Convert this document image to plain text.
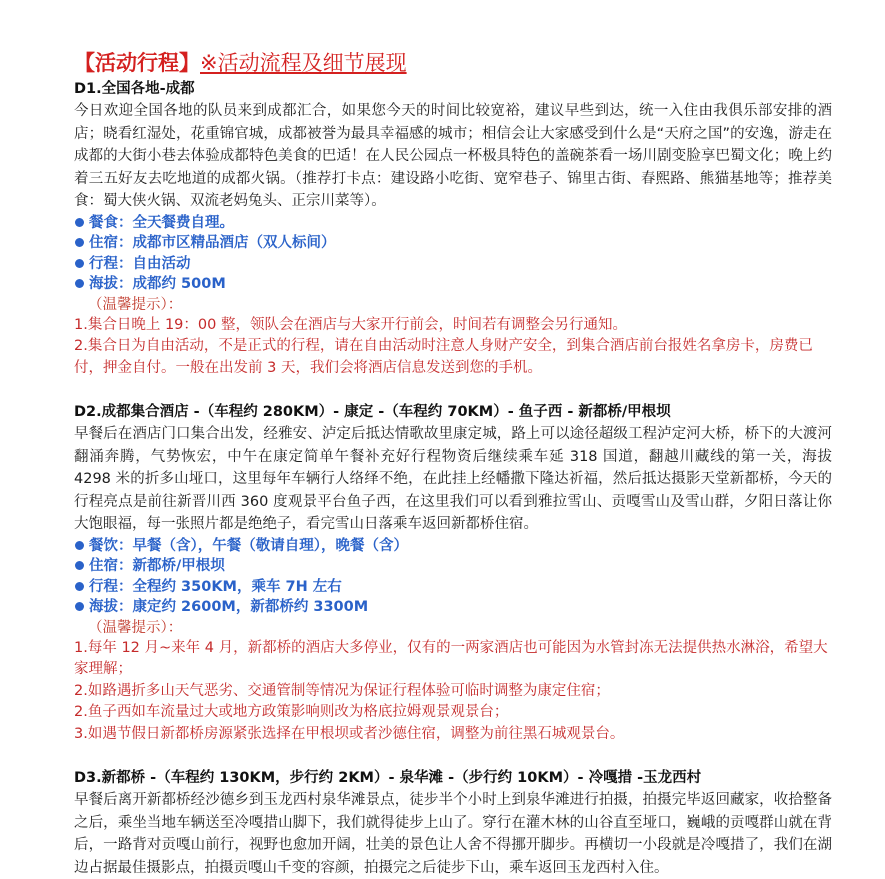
【活动行程】※活动流程及细节展现
D1.全国各地-成都
今日欢迎全国各地的队员来到成都汇合，如果您今天的时间比较宽裕，建议早些到达，统一入住由我俱乐部安排的酒店；晓看红湿处，花重锦官城，成都被誉为最具幸福感的城市；相信会让大家感受到什么是“天府之国”的安逸，游走在成都的大街小巷去体验成都特色美食的巴适！在人民公园点一杯极具特色的盖碗茶看一场川剧变脸享巴蜀文化；晚上约着三五好友去吃地道的成都火锅。（推荐打卡点：建设路小吃街、宽窄巷子、锦里古街、春熙路、熊猫基地等；推荐美食：蜀大侠火锅、双流老妈兔头、正宗川菜等）。
餐食：全天餐费自理。
住宿：成都市区精品酒店（双人标间）
行程：自由活动
海拔：成都约 500M
（温馨提示）：
1.集合日晚上 19：00 整，领队会在酒店与大家开行前会，时间若有调整会另行通知。
2.集合日为自由活动，不是正式的行程，请在自由活动时注意人身财产安全，到集合酒店前台报姓名拿房卡，房费已付，押金自付。一般在出发前 3 天，我们会将酒店信息发送到您的手机。
D2.成都集合酒店 -（车程约 280KM）- 康定 -（车程约 70KM）- 鱼子西 - 新都桥/甲根坝
早餐后在酒店门口集合出发，经雅安、泸定后抵达情歌故里康定城，路上可以途径超级工程泸定河大桥，桥下的大渡河翻涌奔腾，气势恢宏，中午在康定简单午餐补充好行程物资后继续乘车延 318 国道，翻越川藏线的第一关，海拔 4298 米的折多山垭口，这里每年车辆行人络绎不绝，在此挂上经幡撒下隆达祈福，然后抵达摄影天堂新都桥，今天的行程亮点是前往新晋川西 360 度观景平台鱼子西，在这里我们可以看到雅拉雪山、贡嘎雪山及雪山群，夕阳日落让你大饱眼福，每一张照片都是绝绝子，看完雪山日落乘车返回新都桥住宿。
餐饮：早餐（含），午餐（敬请自理），晚餐（含）
住宿：新都桥/甲根坝
行程：全程约 350KM，乘车 7H 左右
海拔：康定约 2600M，新都桥约 3300M
（温馨提示）：
1.每年 12 月~来年 4 月，新都桥的酒店大多停业，仅有的一两家酒店也可能因为水管封冻无法提供热水淋浴，希望大家理解；
2.如路遇折多山天气恶劣、交通管制等情况为保证行程体验可临时调整为康定住宿；
2.鱼子西如车流量过大或地方政策影响则改为格底拉姆观景观景台；
3.如遇节假日新都桥房源紧张选择在甲根坝或者沙德住宿，调整为前往黑石城观景台。
D3.新都桥 -（车程约 130KM，步行约 2KM）- 泉华滩 -（步行约 10KM）- 冷嘎措 -玉龙西村
早餐后离开新都桥经沙德乡到玉龙西村泉华滩景点，徒步半个小时上到泉华滩进行拍摄，拍摄完毕返回藏家，收拾整备之后，乘坐当地车辆送至冷嘎措山脚下，我们就得徒步上山了。穿行在灌木林的山谷直至垭口，巍峨的贡嘎群山就在背后，一路背对贡嘎山前行，视野也愈加开阔，壮美的景色让人舍不得挪开脚步。再横切一小段就是冷嘎措了，我们在湖边占据最佳摄影点，拍摄贡嘎山千变的容颜，拍摄完之后徒步下山，乘车返回玉龙西村入住。
